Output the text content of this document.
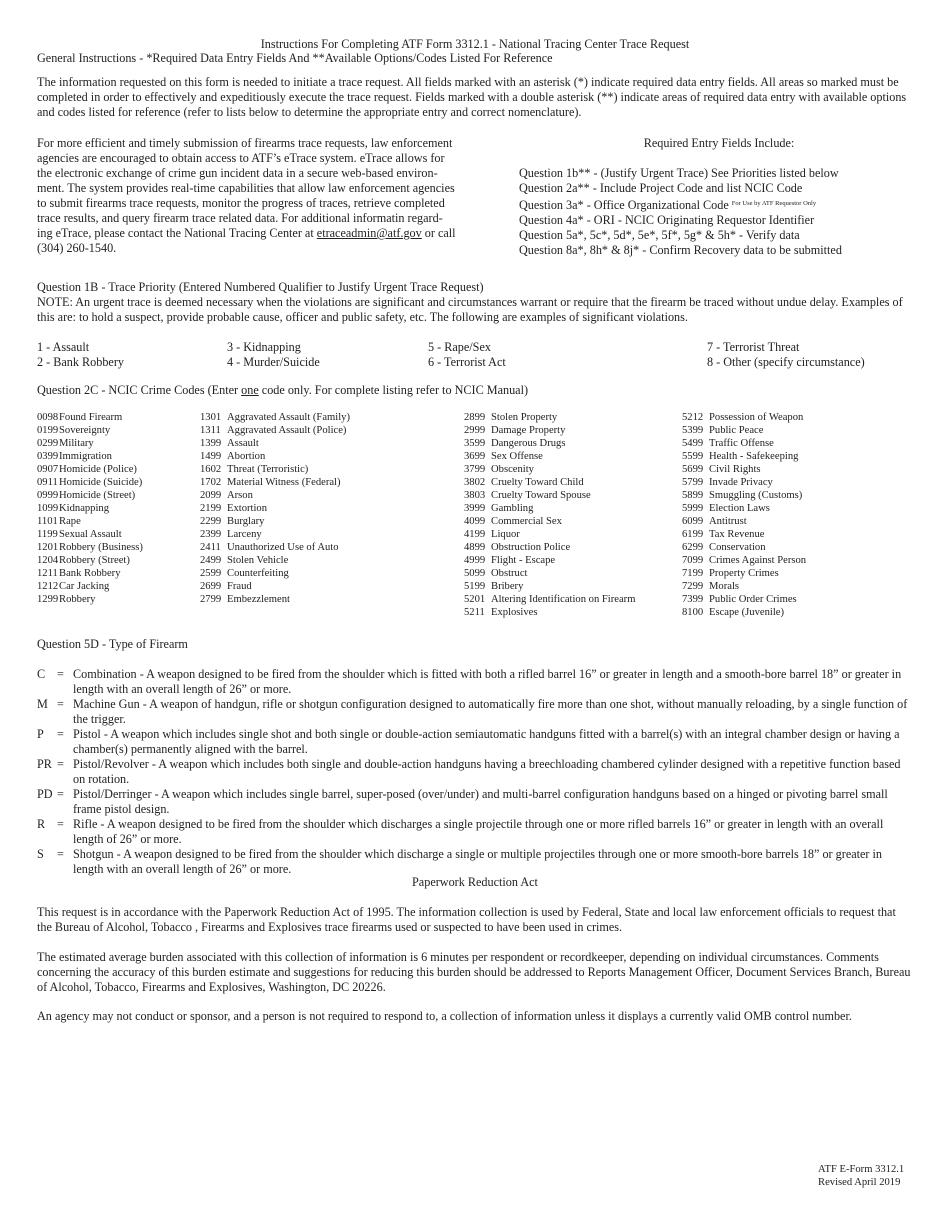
Instructions For Completing ATF Form 3312.1 - National Tracing Center Trace Request

General Instructions - *Required Data Entry Fields And **Available Options/Codes Listed For Reference

The information requested on this form is needed to initiate a trace request. All fields marked with an asterisk (*) indicate required data entry fields. All areas so marked must be completed in order to effectively and expeditiously execute the trace request. Fields marked with a double asterisk (**) indicate areas of required data entry with available options and codes listed for reference (refer to lists below to determine the appropriate entry and correct nomenclature).

For more efficient and timely submission of firearms trace requests, law enforcement

agencies are encouraged to obtain access to ATF’s eTrace system. eTrace allows for

the electronic exchange of crime gun incident data in a secure web-based environ-

ment. The system provides real-time capabilities that allow law enforcement agencies

to submit firearms trace requests, monitor the progress of traces, retrieve completed

trace results, and query firearm trace related data. For additional informatin regard-

ing eTrace, please contact the National Tracing Center at etraceadmin@atf.gov or call

(304) 260-1540.

Required Entry Fields Include:

Question 1b** - (Justify Urgent Trace) See Priorities listed below

Question 2a** - Include Project Code and list NCIC Code

Question 3a* - Office Organizational Code $^{For Use by ATF Requestor Only}$

Question 4a* - ORI - NCIC Originating Requestor Identifier

Question 5a*, 5c*, 5d*, 5e*, 5f*, 5g* & 5h* - Verify data

Question 8a*, 8h* & 8j* - Confirm Recovery data to be submitted

Question 1B - Trace Priority (Entered Numbered Qualifier to Justify Urgent Trace Request)

NOTE: An urgent trace is deemed necessary when the violations are significant and circumstances warrant or require that the firearm be traced without undue delay. Examples of this are: to hold a suspect, provide probable cause, officer and public safety, etc. The following are examples of significant violations.

1 - Assault

2 - Bank Robbery

3 - Kidnapping

4 - Murder/Suicide

5 - Rape/Sex

6 - Terrorist Act

7 - Terrorist Threat

8 - Other (specify circumstance)

Question 2C - NCIC Crime Codes (Enter one code only. For complete listing refer to NCIC Manual)

0098Found Firearm
0199Sovereignty
0299Military
0399Immigration
0907Homicide (Police)
0911Homicide (Suicide)
0999Homicide (Street)
1099Kidnapping
1101Rape
1199Sexual Assault
1201Robbery (Business)
1204Robbery (Street)
1211Bank Robbery
1212Car Jacking
1299Robbery
1301 Aggravated Assault (Family)
1311 Aggravated Assault (Police)
1399 Assault
1499 Abortion
1602 Threat (Terroristic)
1702 Material Witness (Federal)
2099 Arson
2199 Extortion
2299 Burglary
2399 Larceny
2411 Unauthorized Use of Auto
2499 Stolen Vehicle
2599 Counterfeiting
2699 Fraud
2799 Embezzlement
2899 Stolen Property
2999 Damage Property
3599 Dangerous Drugs
3699 Sex Offense
3799 Obscenity
3802 Cruelty Toward Child
3803 Cruelty Toward Spouse
3999 Gambling
4099 Commercial Sex
4199 Liquor
4899 Obstruction Police
4999 Flight - Escape
5099 Obstruct
5199 Bribery
5201 Altering Identification on Firearm
5211 Explosives
5212 Possession of Weapon
5399 Public Peace
5499 Traffic Offense
5599 Health - Safekeeping
5699 Civil Rights
5799 Invade Privacy
5899 Smuggling (Customs)
5999 Election Laws
6099 Antitrust
6199 Tax Revenue
6299 Conservation
7099 Crimes Against Person
7199 Property Crimes
7299 Morals
7399 Public Order Crimes
8100 Escape (Juvenile)

Question 5D - Type of Firearm

C = Combination - A weapon designed to be fired from the shoulder which is fitted with both a rifled barrel 16” or greater in length and a smooth-bore barrel 18” or greater in length with an overall length of 26” or more.
M = Machine Gun - A weapon of handgun, rifle or shotgun configuration designed to automatically fire more than one shot, without manually reloading, by a single function of the trigger.
P = Pistol - A weapon which includes single shot and both single or double-action semiautomatic handguns fitted with a barrel(s) with an integral chamber design or having a chamber(s) permanently aligned with the barrel.
PR = Pistol/Revolver - A weapon which includes both single and double-action handguns having a breechloading chambered cylinder designed with a repetitive function based on rotation.
PD = Pistol/Derringer - A weapon which includes single barrel, super-posed (over/under) and multi-barrel configuration handguns based on a hinged or pivoting barrel small frame pistol design.
R = Rifle - A weapon designed to be fired from the shoulder which discharges a single projectile through one or more rifled barrels 16” or greater in length with an overall length of 26” or more.
S = Shotgun - A weapon designed to be fired from the shoulder which discharge a single or multiple projectiles through one or more smooth-bore barrels 18” or greater in length with an overall length of 26” or more.

Paperwork Reduction Act

This request is in accordance with the Paperwork Reduction Act of 1995. The information collection is used by Federal, State and local law enforcement officials to request that the Bureau of Alcohol, Tobacco , Firearms and Explosives trace firearms used or suspected to have been used in crimes.

The estimated average burden associated with this collection of information is 6 minutes per respondent or recordkeeper, depending on individual circumstances. Comments concerning the accuracy of this burden estimate and suggestions for reducing this burden should be addressed to Reports Management Officer, Document Services Branch, Bureau of Alcohol, Tobacco, Firearms and Explosives, Washington, DC 20226.

An agency may not conduct or sponsor, and a person is not required to respond to, a collection of information unless it displays a currently valid OMB control number.

ATF E-Form 3312.1
Revised April 2019
